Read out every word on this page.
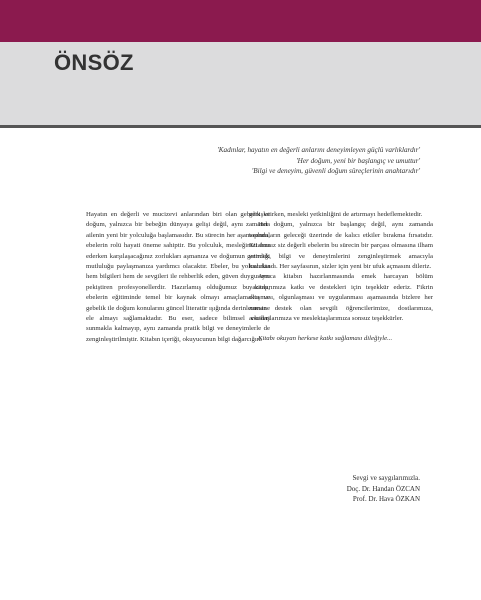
ÖNSÖZ
'Kadınlar, hayatın en değerli anlarını deneyimleyen güçlü varlıklardır'
'Her doğum, yeni bir başlangıç ve umuttur'
'Bilgi ve deneyim, güvenli doğum süreçlerinin anahtarıdır'

Hayatın en değerli ve mucizevi anlarından biri olan gebelik ve doğum, yalnızca bir bebeğin dünyaya gelişi değil, aynı zamanda ailenin yeni bir yolculuğa başlamasıdır. Bu sürecin her aşamasında, ebelerin rolü hayati öneme sahiptir. Bu yolculuk, mesleğinizi icra ederken karşılaşacağınız zorlukları aşmanıza ve doğumun getirdiği mutluluğu paylaşmanıza yardımcı olacaktır. Ebeler, bu yolculukta hem bilgileri hem de sevgileri ile rehberlik eden, güven duygusunu pekiştiren profesyonellerdir. Hazırlamış olduğumuz bu kitap, ebelerin eğitiminde temel bir kaynak olmayı amaçlamakta ve gebelik ile doğum konularını güncel literatür ışığında derinlemesine ele almayı sağlamaktadır. Bu eser, sadece bilimsel verileri sunmakla kalmayıp, aynı zamanda pratik bilgi ve deneyimlerle de zenginleştirilmiştir. Kitabın içeriği, okuyucunun bilgi dağarcığını

genişletirken, mesleki yetkinliğini de artırmayı hedeflemektedir.

Her doğum, yalnızca bir başlangıç değil, aynı zamanda toplumların geleceği üzerinde de kalıcı etkiler bırakma fırsatıdır. Kitabımız siz değerli ebelerin bu sürecin bir parçası olmasına ilham vermek, bilgi ve deneyimlerini zenginleştirmek amacıyla hazırlandı. Her sayfasının, sizler için yeni bir ufuk açmasını dileriz.

Ayrıca kitabın hazırlanmasında emek harcayan bölüm yazarlarımıza katkı ve destekleri için teşekkür ederiz. Fikrin oluşması, olgunlaşması ve uygulanması aşamasında bizlere her zaman destek olan sevgili öğrencilerimize, dostlarımıza, arkadaşlarımıza ve meslektaşlarımıza sonsuz teşekkürler.

Kitabı okuyan herkese katkı sağlaması dileğiyle...

Sevgi ve saygılarımızla.
Doç. Dr. Handan ÖZCAN
Prof. Dr. Hava ÖZKAN
